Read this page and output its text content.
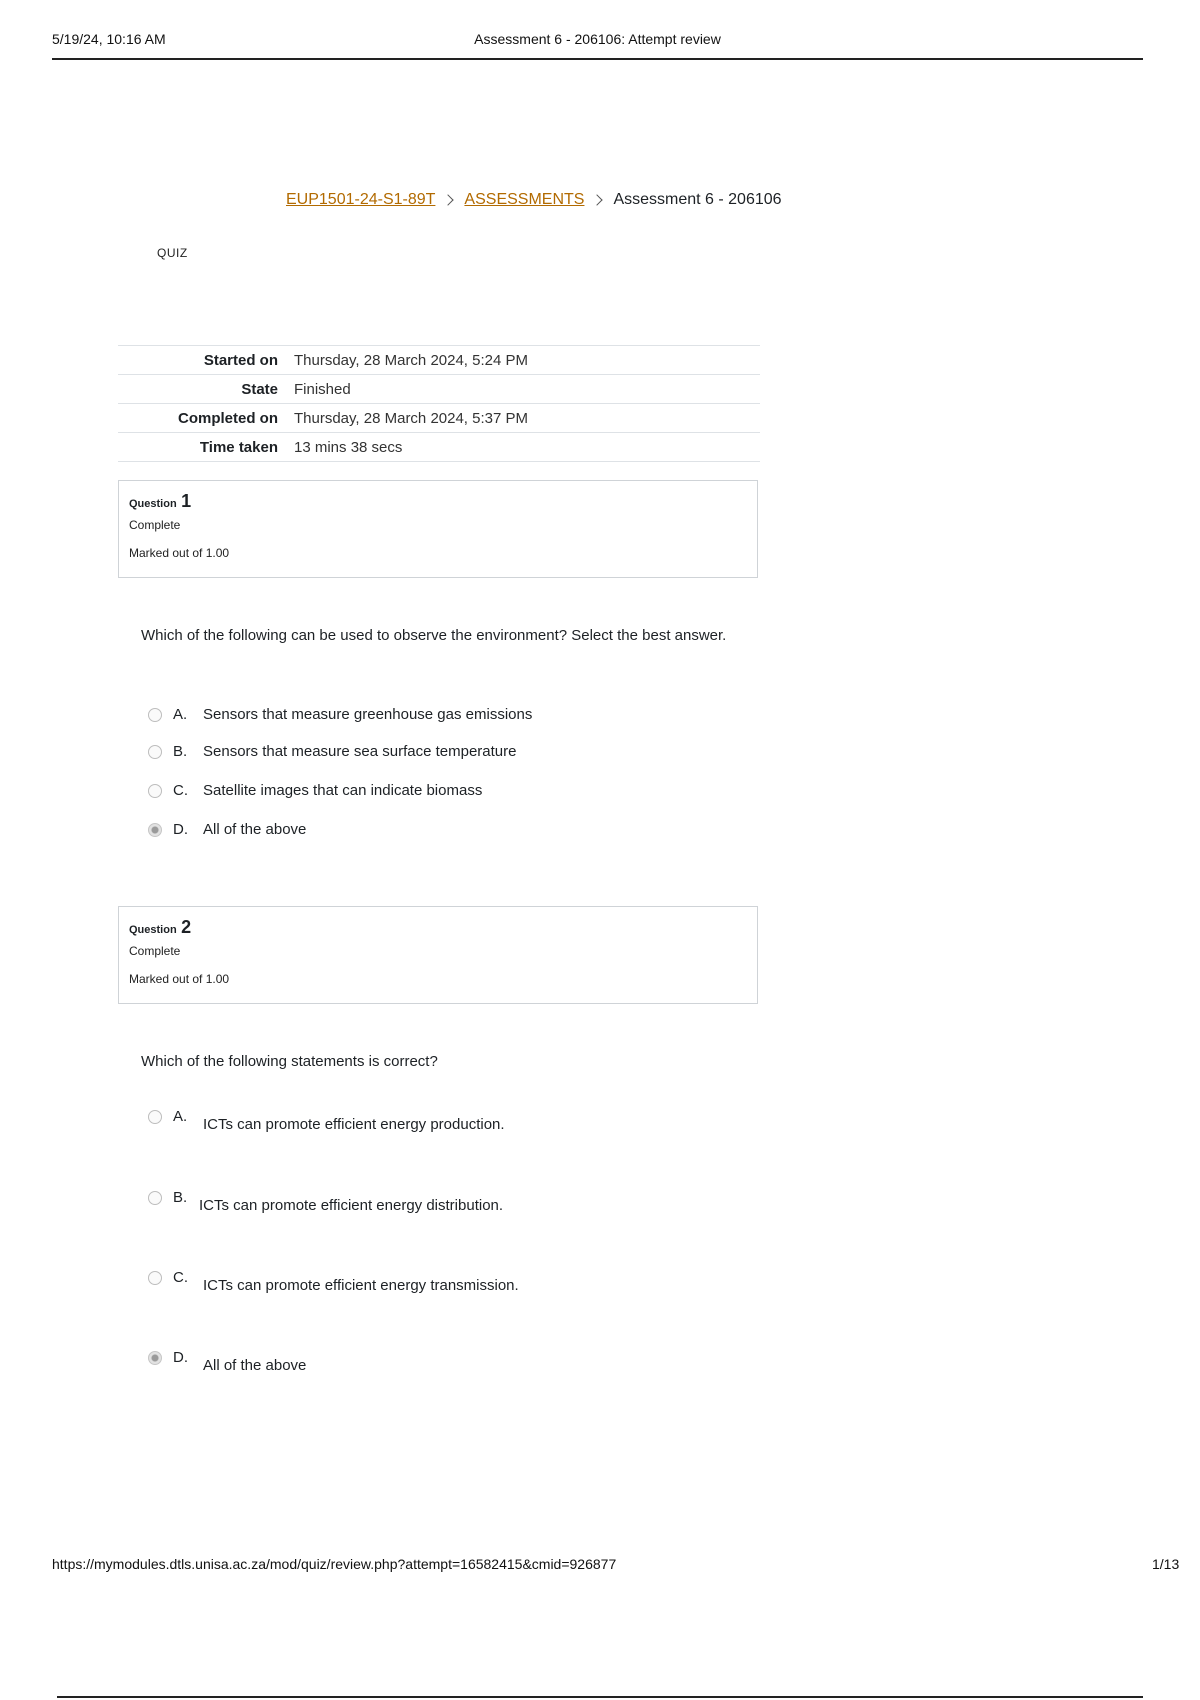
5/19/24, 10:16 AM	Assessment 6 - 206106: Attempt review
EUP1501-24-S1-89T ASSESSMENTS Assessment 6 - 206106
QUIZ
Started on	Thursday, 28 March 2024, 5:24 PM
State	Finished
Completed on	Thursday, 28 March 2024, 5:37 PM
Time taken	13 mins 38 secs
Question 1
Complete
Marked out of 1.00
Which of the following can be used to observe the environment? Select the best answer.
A.	Sensors that measure greenhouse gas emissions
B.	Sensors that measure sea surface temperature
C.	Satellite images that can indicate biomass
D.	All of the above
Question 2
Complete
Marked out of 1.00
Which of the following statements is correct?
A.	ICTs can promote efficient energy production.
B. ICTs can promote efficient energy distribution.
C.	ICTs can promote efficient energy transmission.
D.	All of the above
https://mymodules.dtls.unisa.ac.za/mod/quiz/review.php?attempt=16582415&cmid=926877	1/13
